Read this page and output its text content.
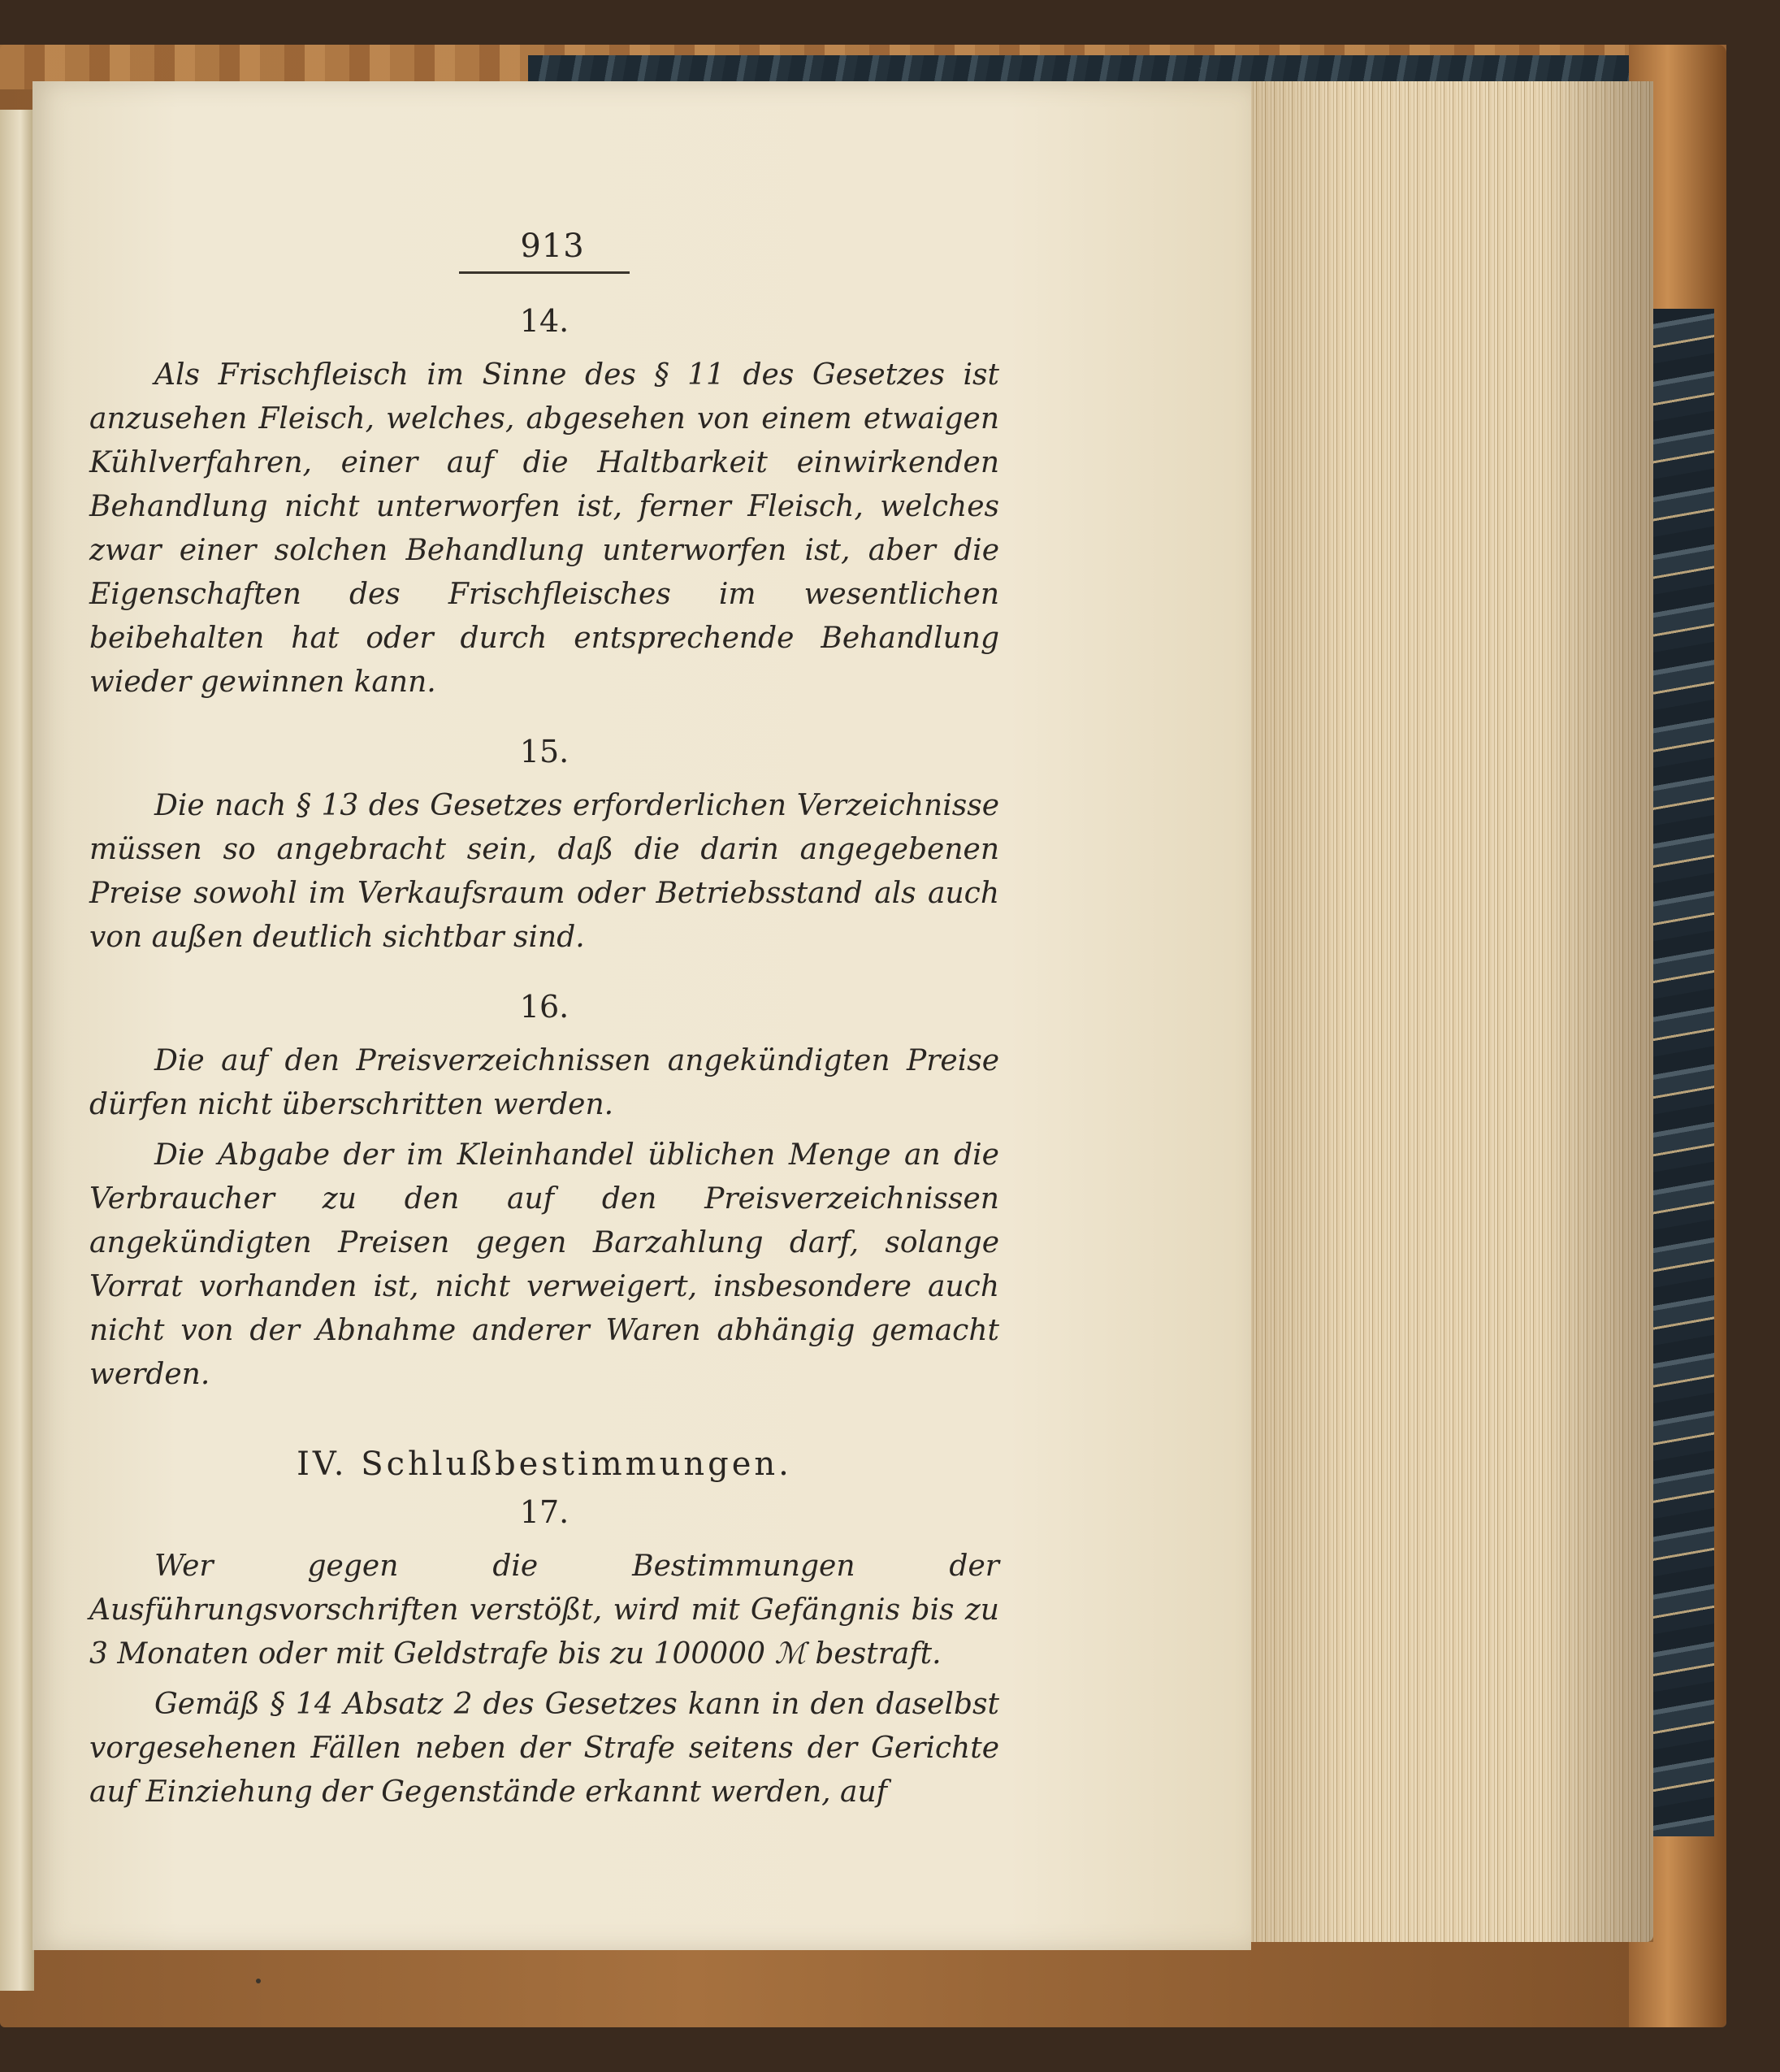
913

14.

Als Frischfleisch im Sinne des § 11 des Gesetzes ist anzusehen Fleisch, welches, abgesehen von einem etwaigen Kühlverfahren, einer auf die Haltbarkeit einwirkenden Behandlung nicht unterworfen ist, ferner Fleisch, welches zwar einer solchen Behandlung unterworfen ist, aber die Eigenschaften des Frischfleisches im wesentlichen beibehalten hat oder durch entsprechende Behandlung wieder gewinnen kann.

15.

Die nach § 13 des Gesetzes erforderlichen Verzeichnisse müssen so angebracht sein, daß die darin angegebenen Preise sowohl im Verkaufsraum oder Betriebsstand als auch von außen deutlich sichtbar sind.

16.

Die auf den Preisverzeichnissen angekündigten Preise dürfen nicht überschritten werden.

Die Abgabe der im Kleinhandel üblichen Menge an die Verbraucher zu den auf den Preisverzeichnissen angekündigten Preisen gegen Barzahlung darf, solange Vorrat vorhanden ist, nicht verweigert, insbesondere auch nicht von der Abnahme anderer Waren abhängig gemacht werden.

IV. Schlußbestimmungen.
17.

Wer gegen die Bestimmungen der Ausführungsvorschriften verstößt, wird mit Gefängnis bis zu 3 Monaten oder mit Geldstrafe bis zu 100000 ℳ bestraft.

Gemäß § 14 Absatz 2 des Gesetzes kann in den daselbst vorgesehenen Fällen neben der Strafe seitens der Gerichte auf Einziehung der Gegenstände erkannt werden, auf
